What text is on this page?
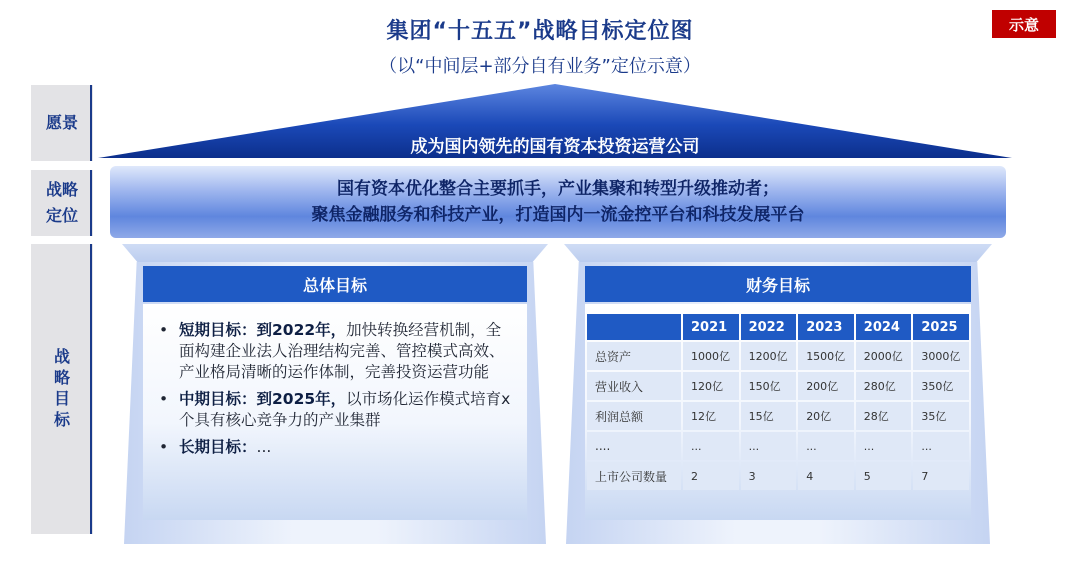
集团“十五五”战略目标定位图
（以“中间层+部分自有业务”定位示意）
示意
愿景
战略
定位
战
略
目
标
成为国内领先的国有资本投资运营公司
国有资本优化整合主要抓手，产业集聚和转型升级推动者；
聚焦金融服务和科技产业，打造国内一流金控平台和科技发展平台
总体目标
• 短期目标：到2022年，加快转换经营机制，全面构建企业法人治理结构完善、管控模式高效、产业格局清晰的运作体制，完善投资运营功能
• 中期目标：到2025年，以市场化运作模式培育x个具有核心竞争力的产业集群
• 长期目标：...
财务目标
	2021	2022	2023	2024	2025
总资产	1000亿	1200亿	1500亿	2000亿	3000亿
营业收入	120亿	150亿	200亿	280亿	350亿
利润总额	12亿	15亿	20亿	28亿	35亿
....	...	...	...	...	...
上市公司数量	2	3	4	5	7
